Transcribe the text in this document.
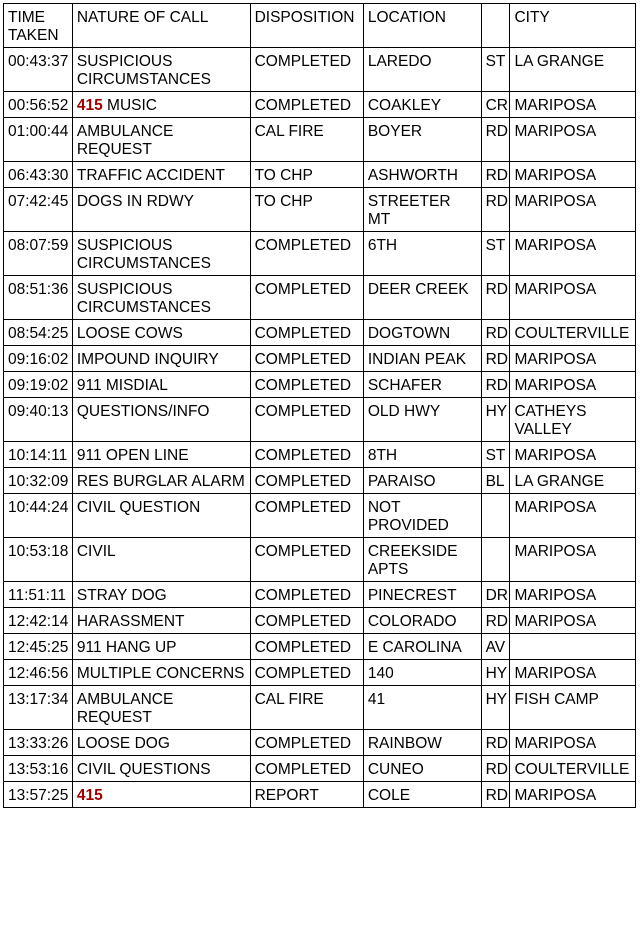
TIME TAKEN	NATURE OF CALL	DISPOSITION	LOCATION		CITY
00:43:37	SUSPICIOUS CIRCUMSTANCES	COMPLETED	LAREDO	ST	LA GRANGE
00:56:52	415 MUSIC	COMPLETED	COAKLEY	CR	MARIPOSA
01:00:44	AMBULANCE REQUEST	CAL FIRE	BOYER	RD	MARIPOSA
06:43:30	TRAFFIC ACCIDENT	TO CHP	ASHWORTH	RD	MARIPOSA
07:42:45	DOGS IN RDWY	TO CHP	STREETER MT	RD	MARIPOSA
08:07:59	SUSPICIOUS CIRCUMSTANCES	COMPLETED	6TH	ST	MARIPOSA
08:51:36	SUSPICIOUS CIRCUMSTANCES	COMPLETED	DEER CREEK	RD	MARIPOSA
08:54:25	LOOSE COWS	COMPLETED	DOGTOWN	RD	COULTERVILLE
09:16:02	IMPOUND INQUIRY	COMPLETED	INDIAN PEAK	RD	MARIPOSA
09:19:02	911 MISDIAL	COMPLETED	SCHAFER	RD	MARIPOSA
09:40:13	QUESTIONS/INFO	COMPLETED	OLD HWY	HY	CATHEYS VALLEY
10:14:11	911 OPEN LINE	COMPLETED	8TH	ST	MARIPOSA
10:32:09	RES BURGLAR ALARM	COMPLETED	PARAISO	BL	LA GRANGE
10:44:24	CIVIL QUESTION	COMPLETED	NOT PROVIDED		MARIPOSA
10:53:18	CIVIL	COMPLETED	CREEKSIDE APTS		MARIPOSA
11:51:11	STRAY DOG	COMPLETED	PINECREST	DR	MARIPOSA
12:42:14	HARASSMENT	COMPLETED	COLORADO	RD	MARIPOSA
12:45:25	911 HANG UP	COMPLETED	E CAROLINA	AV	
12:46:56	MULTIPLE CONCERNS	COMPLETED	140	HY	MARIPOSA
13:17:34	AMBULANCE REQUEST	CAL FIRE	41	HY	FISH CAMP
13:33:26	LOOSE DOG	COMPLETED	RAINBOW	RD	MARIPOSA
13:53:16	CIVIL QUESTIONS	COMPLETED	CUNEO	RD	COULTERVILLE
13:57:25	415	REPORT	COLE	RD	MARIPOSA
